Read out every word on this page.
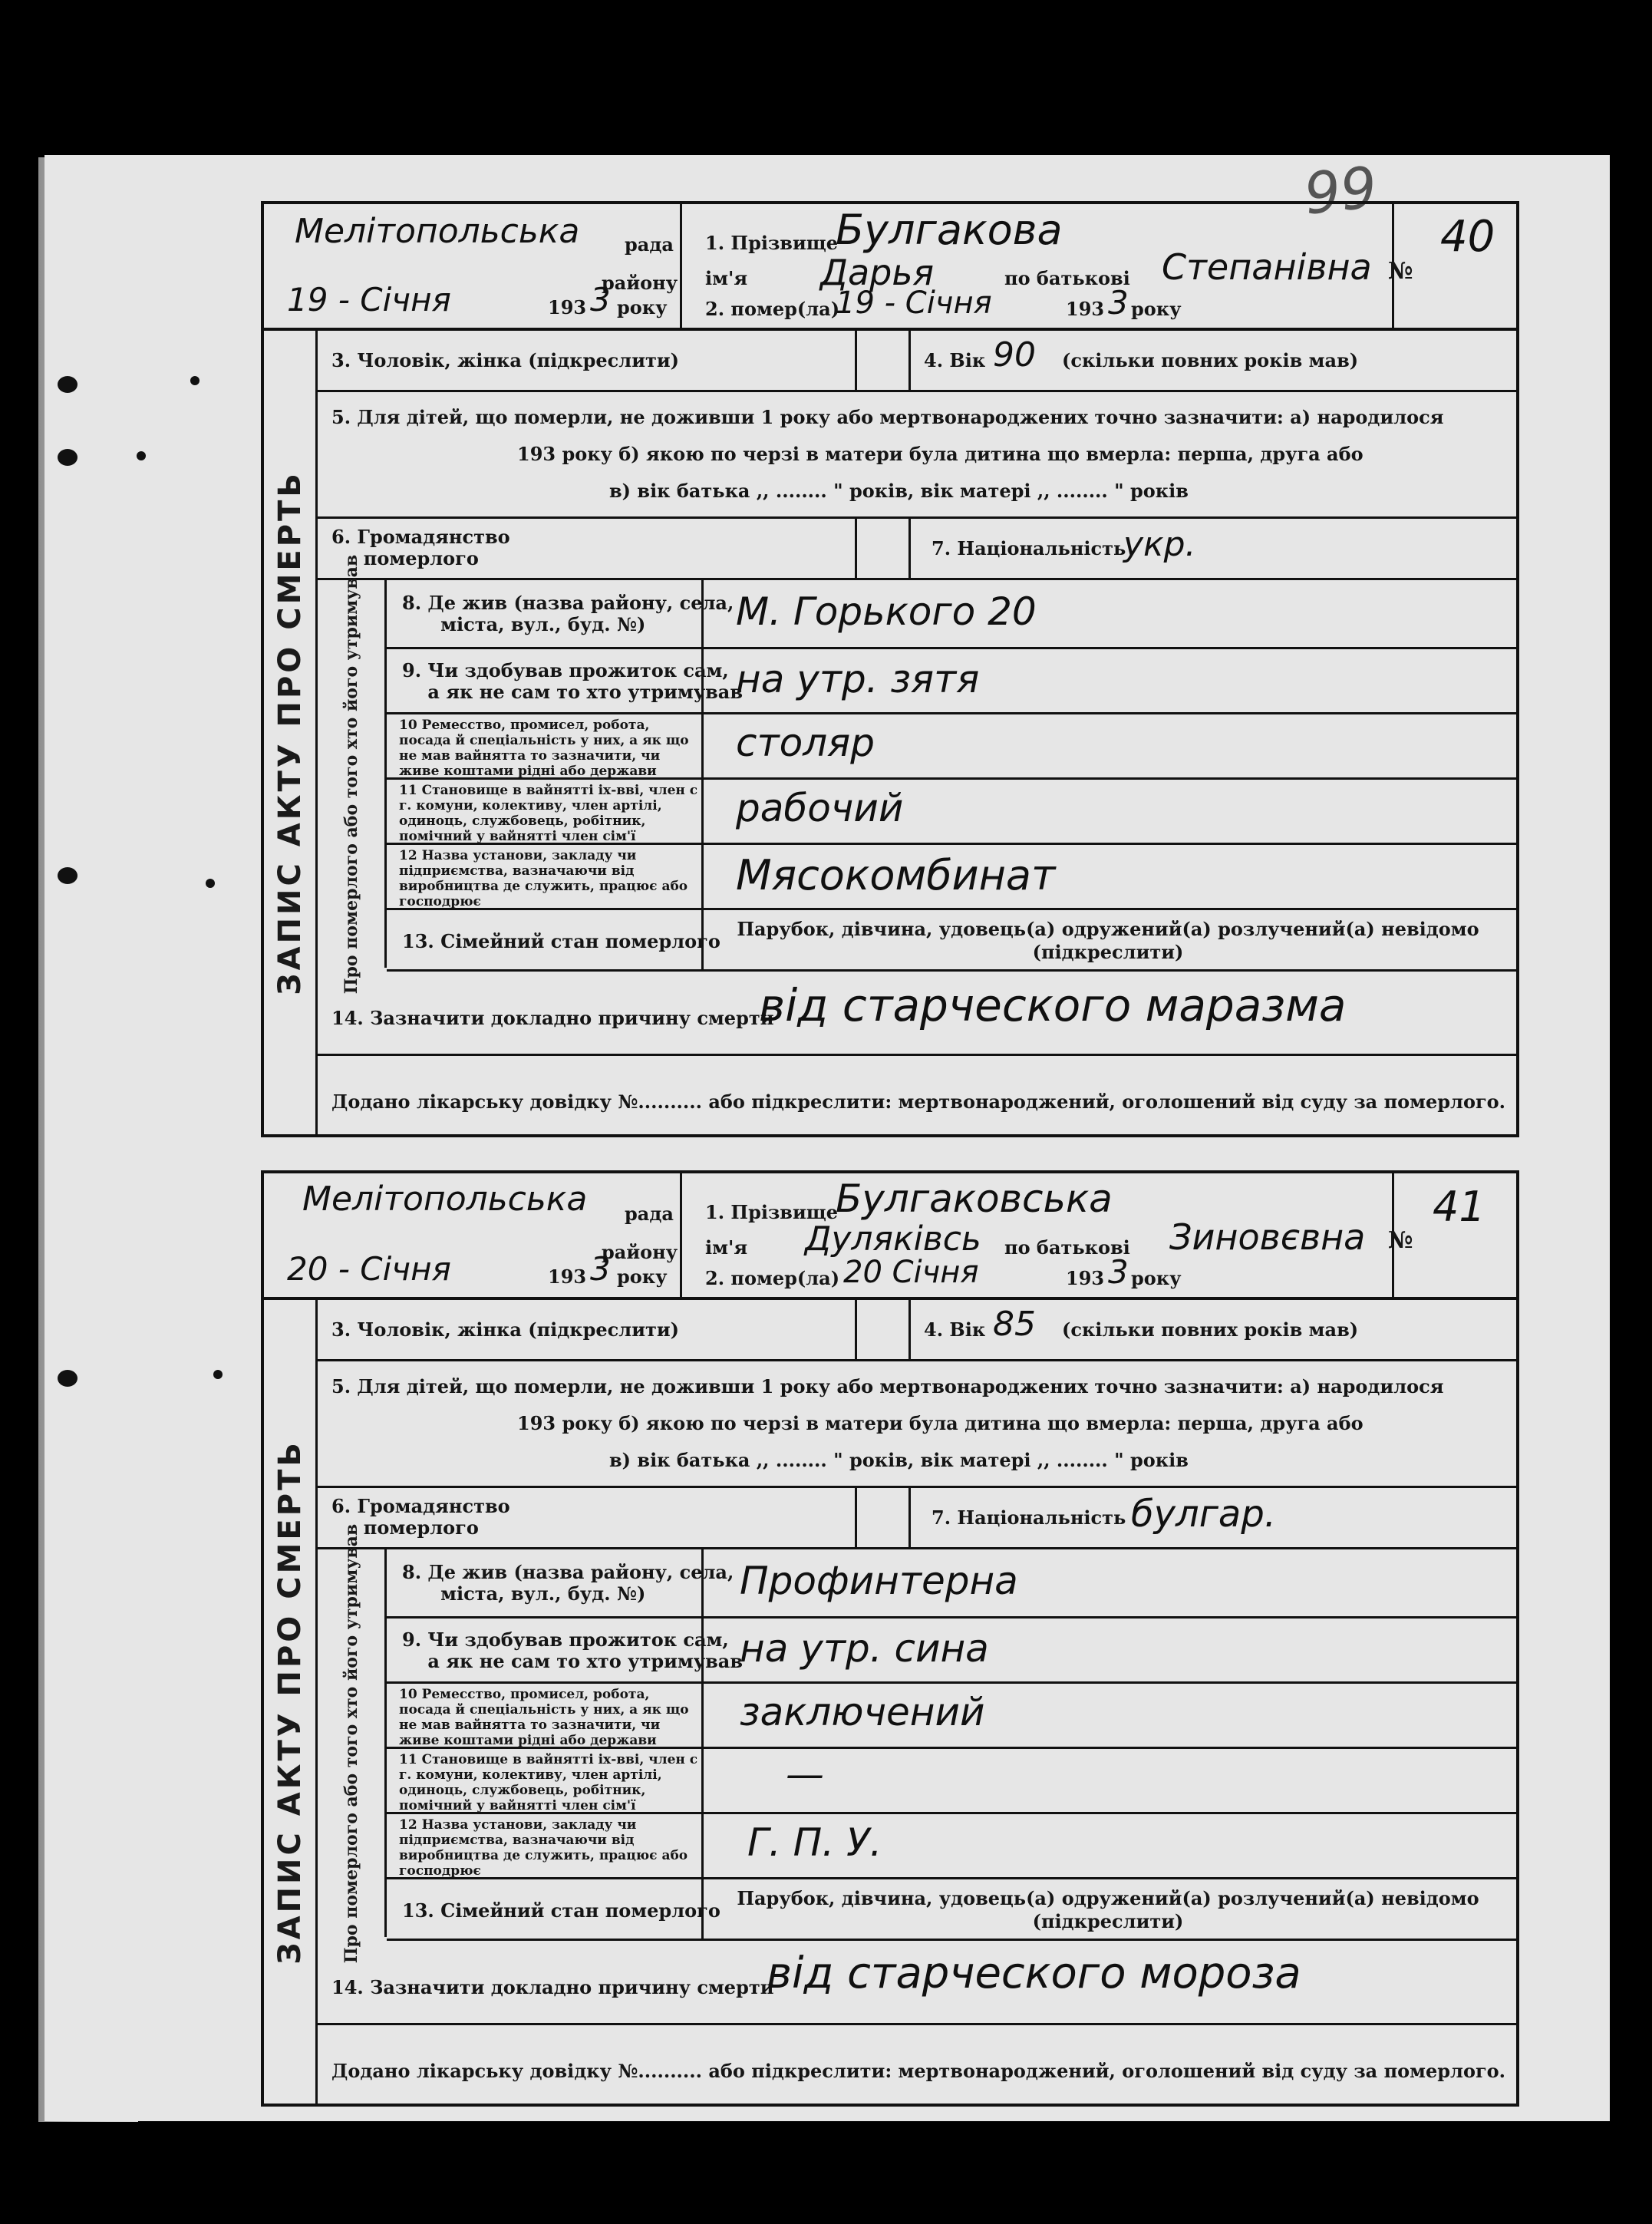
99
Мелітопольська рада
району
19 - Січня	193 3 року
1. Прізвище
Булгакова
ім'я Дарья	по батькові Степанівна
2. помер(ла)
19 - Січня	193 3 року
№
40
ЗАПИС АКТУ ПРО СМЕРТЬ
3. Чоловік, жінка (підкреслити)	4. Вік 90 (скільки повних років мав)
5. Для дітей, що померли, не доживши 1 року або мертвонароджених точно зазначити: а) народилося
193 року б) якою по черзі в матери була дитина що вмерла: перша, друга або
в) вік батька ,, ........ " років, вік матері ,, ........ " років
6. Громадянство
померлого	7. Національність
укр.
Про померлого або того хто його утримував 8. Де жив (назва району, села,
міста, вул., буд. №)	М. Горького 20
9. Чи здобував прожиток сам,
а як не сам то хто утримував
на утр. зятя
10 Ремесство, промисел, робота, посада й спеціальність у них, а як що не мав вайнятта то зазначити, чи живе коштами рідні або держави
столяр
11 Становище в вайнятті іх-вві, член с г. комуни, колективу, член артілі, одиноць, службовець, робітник, помічний у вайнятті член сім'ї
рабочий
12 Назва установи, закладу чи підприємства, вазначаючи від виробництва де служить, працює або господрює
Мясокомбинат
13. Сімейний стан померлого
Парубок, дівчина, удовець(а) одружений(а) розлучений(а) невідомо (підкреслити)
14. Зазначити докладно причину смерти
від старческого маразма
Додано лікарську довідку №.......... або підкреслити: мертвонароджений, оголошений від суду за померлого.
Мелітопольська рада
району
20 - Січня	193 3 року
1. Прізвище
Булгаковська
ім'я Дуляківсь по батькові Зиновєвна
2. помер(ла) 20 Січня	193 3 року
№
41
ЗАПИС АКТУ ПРО СМЕРТЬ
3. Чоловік, жінка (підкреслити)	4. Вік 85 (скільки повних років мав)
5. Для дітей, що померли, не доживши 1 року або мертвонароджених точно зазначити: а) народилося
193 року б) якою по черзі в матери була дитина що вмерла: перша, друга або
в) вік батька ,, ........ " років, вік матері ,, ........ " років
6. Громадянство
померлого	7. Національність булгар.
Про померлого або того хто його утримував 8. Де жив (назва району, села,
міста, вул., буд. №)	Профинтерна
9. Чи здобував прожиток сам,
а як не сам то хто утримував
на утр. сина
10 Ремесство, промисел, робота, посада й спеціальність у них, а як що не мав вайнятта то зазначити, чи живе коштами рідні або держави
заключений
11 Становище в вайнятті іх-вві, член с г. комуни, колективу, член артілі, одиноць, службовець, робітник, помічний у вайнятті член сім'ї
—
12 Назва установи, закладу чи підприємства, вазначаючи від виробництва де служить, працює або господрює
Г. П. У.
13. Сімейний стан померлого
Парубок, дівчина, удовець(а) одружений(а) розлучений(а) невідомо (підкреслити)
14. Зазначити докладно причину смерти
від старческого мороза
Додано лікарську довідку №.......... або підкреслити: мертвонароджений, оголошений від суду за померлого.
